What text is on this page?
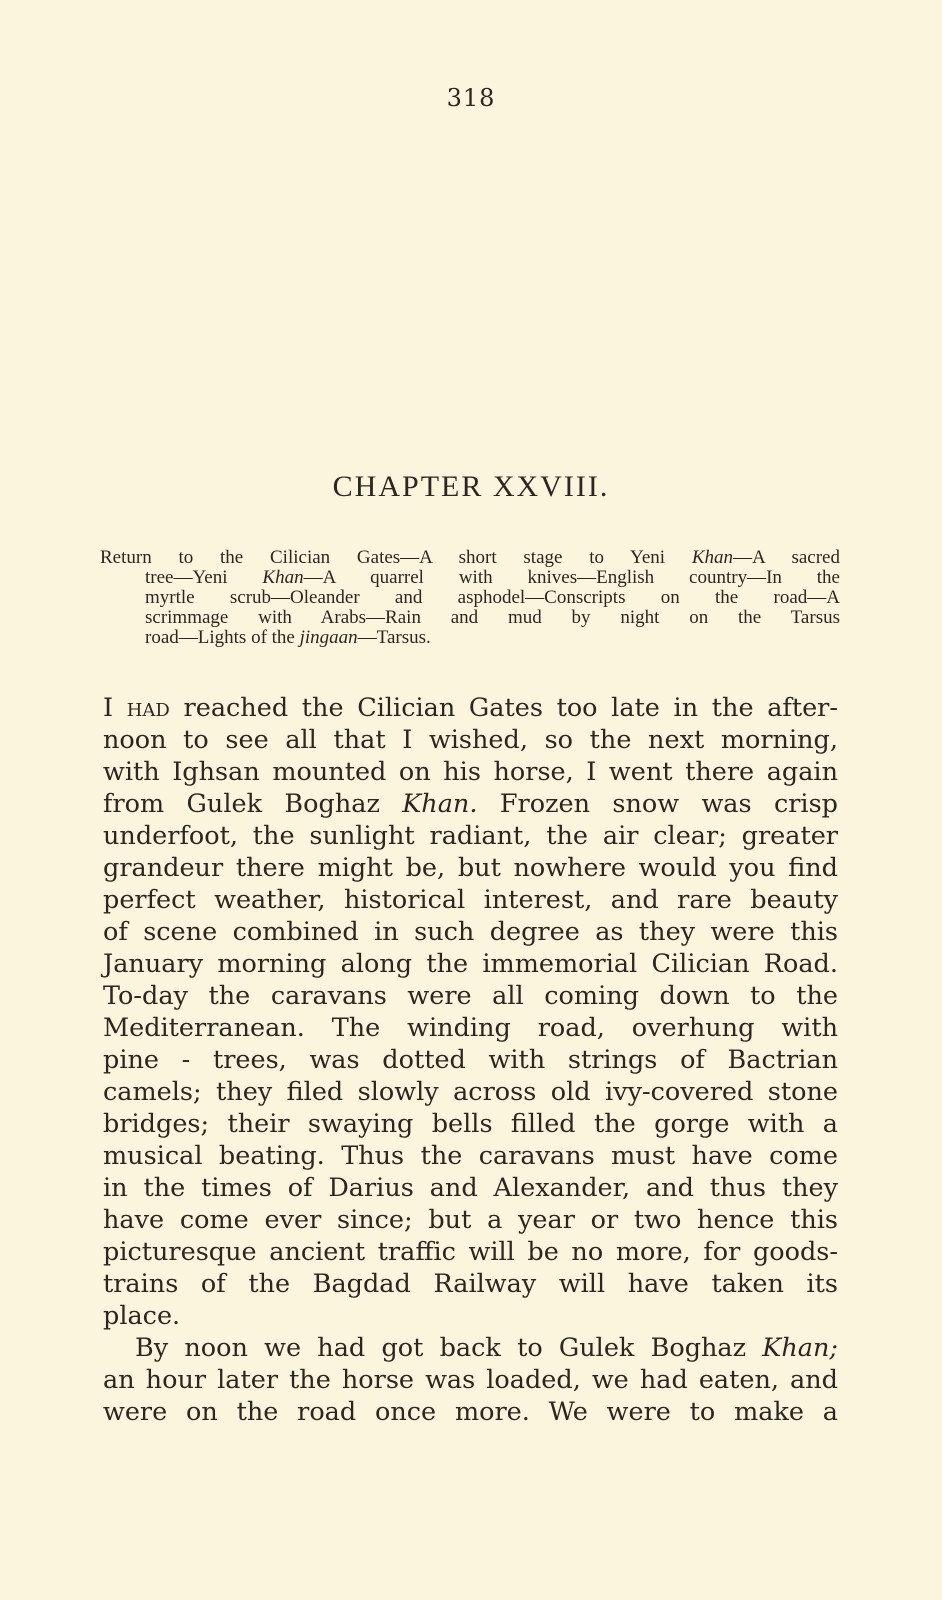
318
CHAPTER XXVIII.
Return to the Cilician Gates—A short stage to Yeni Khan—A sacred
tree—Yeni Khan—A quarrel with knives—English country—In the
myrtle scrub—Oleander and asphodel—Conscripts on the road—A
scrimmage with Arabs—Rain and mud by night on the Tarsus
road—Lights of the jingaan—Tarsus.
I had reached the Cilician Gates too late in the after-
noon to see all that I wished, so the next morning,
with Ighsan mounted on his horse, I went there again
from Gulek Boghaz Khan. Frozen snow was crisp
underfoot, the sunlight radiant, the air clear; greater
grandeur there might be, but nowhere would you find
perfect weather, historical interest, and rare beauty
of scene combined in such degree as they were this
January morning along the immemorial Cilician Road.
To-day the caravans were all coming down to the
Mediterranean. The winding road, overhung with
pine - trees, was dotted with strings of Bactrian
camels; they filed slowly across old ivy-covered stone
bridges; their swaying bells filled the gorge with a
musical beating. Thus the caravans must have come
in the times of Darius and Alexander, and thus they
have come ever since; but a year or two hence this
picturesque ancient traffic will be no more, for goods-
trains of the Bagdad Railway will have taken its
place.
By noon we had got back to Gulek Boghaz Khan;
an hour later the horse was loaded, we had eaten, and
were on the road once more. We were to make a
